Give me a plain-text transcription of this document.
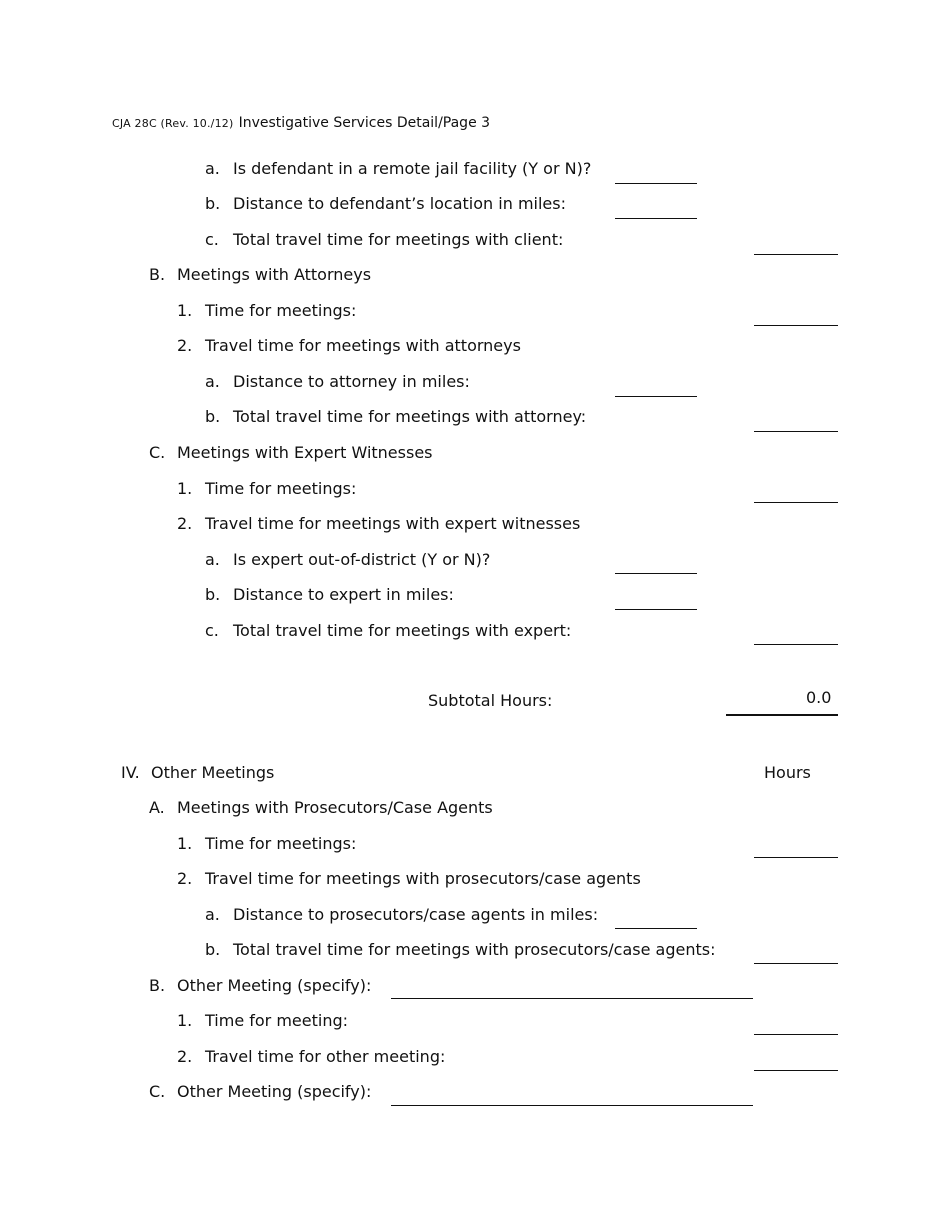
CJA 28C (Rev. 10./12) Investigative Services Detail/Page 3
a. Is defendant in a remote jail facility (Y or N)?
b. Distance to defendant’s location in miles:
c. Total travel time for meetings with client:
B. Meetings with Attorneys
1. Time for meetings:
2. Travel time for meetings with attorneys
a. Distance to attorney in miles:
b. Total travel time for meetings with attorney:
C. Meetings with Expert Witnesses
1. Time for meetings:
2. Travel time for meetings with expert witnesses
a. Is expert out-of-district (Y or N)?
b. Distance to expert in miles:
c. Total travel time for meetings with expert:
Subtotal Hours:	0.0
IV. Other Meetings	Hours
A. Meetings with Prosecutors/Case Agents
1. Time for meetings:
2. Travel time for meetings with prosecutors/case agents
a. Distance to prosecutors/case agents in miles:
b. Total travel time for meetings with prosecutors/case agents:
B. Other Meeting (specify):
1. Time for meeting:
2. Travel time for other meeting:
C. Other Meeting (specify):
